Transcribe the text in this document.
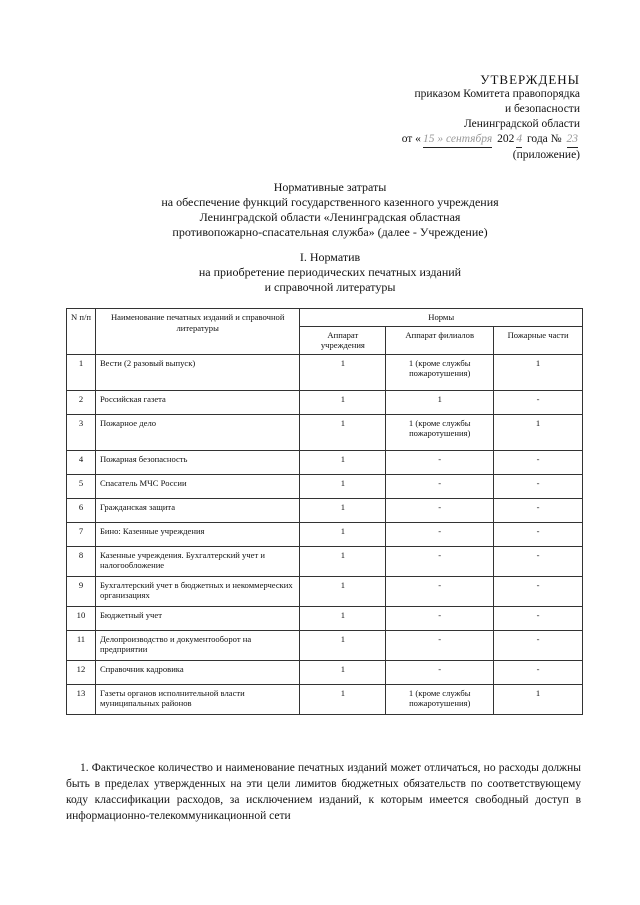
УТВЕРЖДЕНЫ
приказом Комитета правопорядка
и безопасности
Ленинградской области
от « 15 » сентября 202 4 года № 23
(приложение)
Нормативные затраты
на обеспечение функций государственного казенного учреждения
Ленинградской области «Ленинградская областная
противопожарно-спасательная служба» (далее - Учреждение)
I. Норматив
на приобретение периодических печатных изданий
и справочной литературы
N п/п	Наименование печатных изданий и справочной литературы	Нормы		
		Аппарат учреждения	Аппарат филиалов	Пожарные части
1	Вести (2 разовый выпуск)	1	1 (кроме службы пожаротушения)	1
2	Российская газета	1	1	-
3	Пожарное дело	1	1 (кроме службы пожаротушения)	1
4	Пожарная безопасность	1	-	-
5	Спасатель МЧС России	1	-	-
6	Гражданская защита	1	-	-
7	Бино: Казенные учреждения	1	-	-
8	Казенные учреждения. Бухгалтерский учет и налогообложение	1	-	-
9	Бухгалтерский учет в бюджетных и некоммерческих организациях	1	-	-
10	Бюджетный учет	1	-	-
11	Делопроизводство и документооборот на предприятии	1	-	-
12	Справочник кадровика	1	-	-
13	Газеты органов исполнительной власти муниципальных районов	1	1 (кроме службы пожаротушения)	1

1. Фактическое количество и наименование печатных изданий может отличаться, но расходы должны быть в пределах утвержденных на эти цели лимитов бюджетных обязательств по соответствующему коду классификации расходов, за исключением изданий, к которым имеется свободный доступ в информационно-телекоммуникационной сети
